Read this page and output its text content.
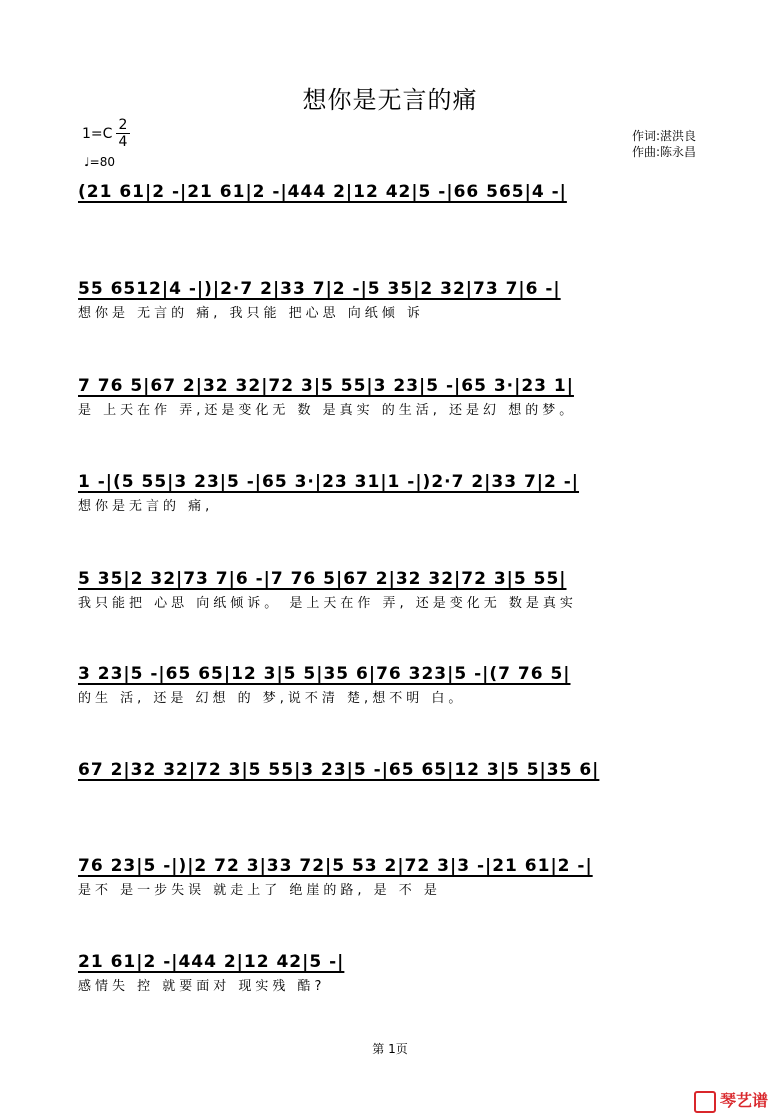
想你是无言的痛
1=C
2
4
♩=80
作词:湛洪良
作曲:陈永昌
(21 61|2 -|21 61|2 -|444 2|12 42|5 -|66 565|4 -|
55 6512|4 -|)|2·7 2|33 7|2 -|5 35|2 32|73 7|6 -|
想你是 无言的 痛, 我只能 把心思 向纸倾 诉
7 76 5|67 2|32 32|72 3|5 55|3 23|5 -|65 3·|23 1|
是 上天在作 弄,还是变化无 数 是真实 的生活, 还是幻 想的梦。
1 -|(5 55|3 23|5 -|65 3·|23 31|1 -|)2·7 2|33 7|2 -|
想你是无言的 痛,
5 35|2 32|73 7|6 -|7 76 5|67 2|32 32|72 3|5 55|
我只能把 心思 向纸倾诉。 是上天在作 弄, 还是变化无 数是真实
3 23|5 -|65 65|12 3|5 5|35 6|76 323|5 -|(7 76 5|
的生 活, 还是 幻想 的 梦,说不清 楚,想不明 白。
67 2|32 32|72 3|5 55|3 23|5 -|65 65|12 3|5 5|35 6|
76 23|5 -|)|2 72 3|33 72|5 53 2|72 3|3 -|21 61|2 -|
是不 是一步失误 就走上了 绝崖的路, 是 不 是
21 61|2 -|444 2|12 42|5 -|
感情失 控 就要面对 现实残 酷?
第 1页
琴艺谱
